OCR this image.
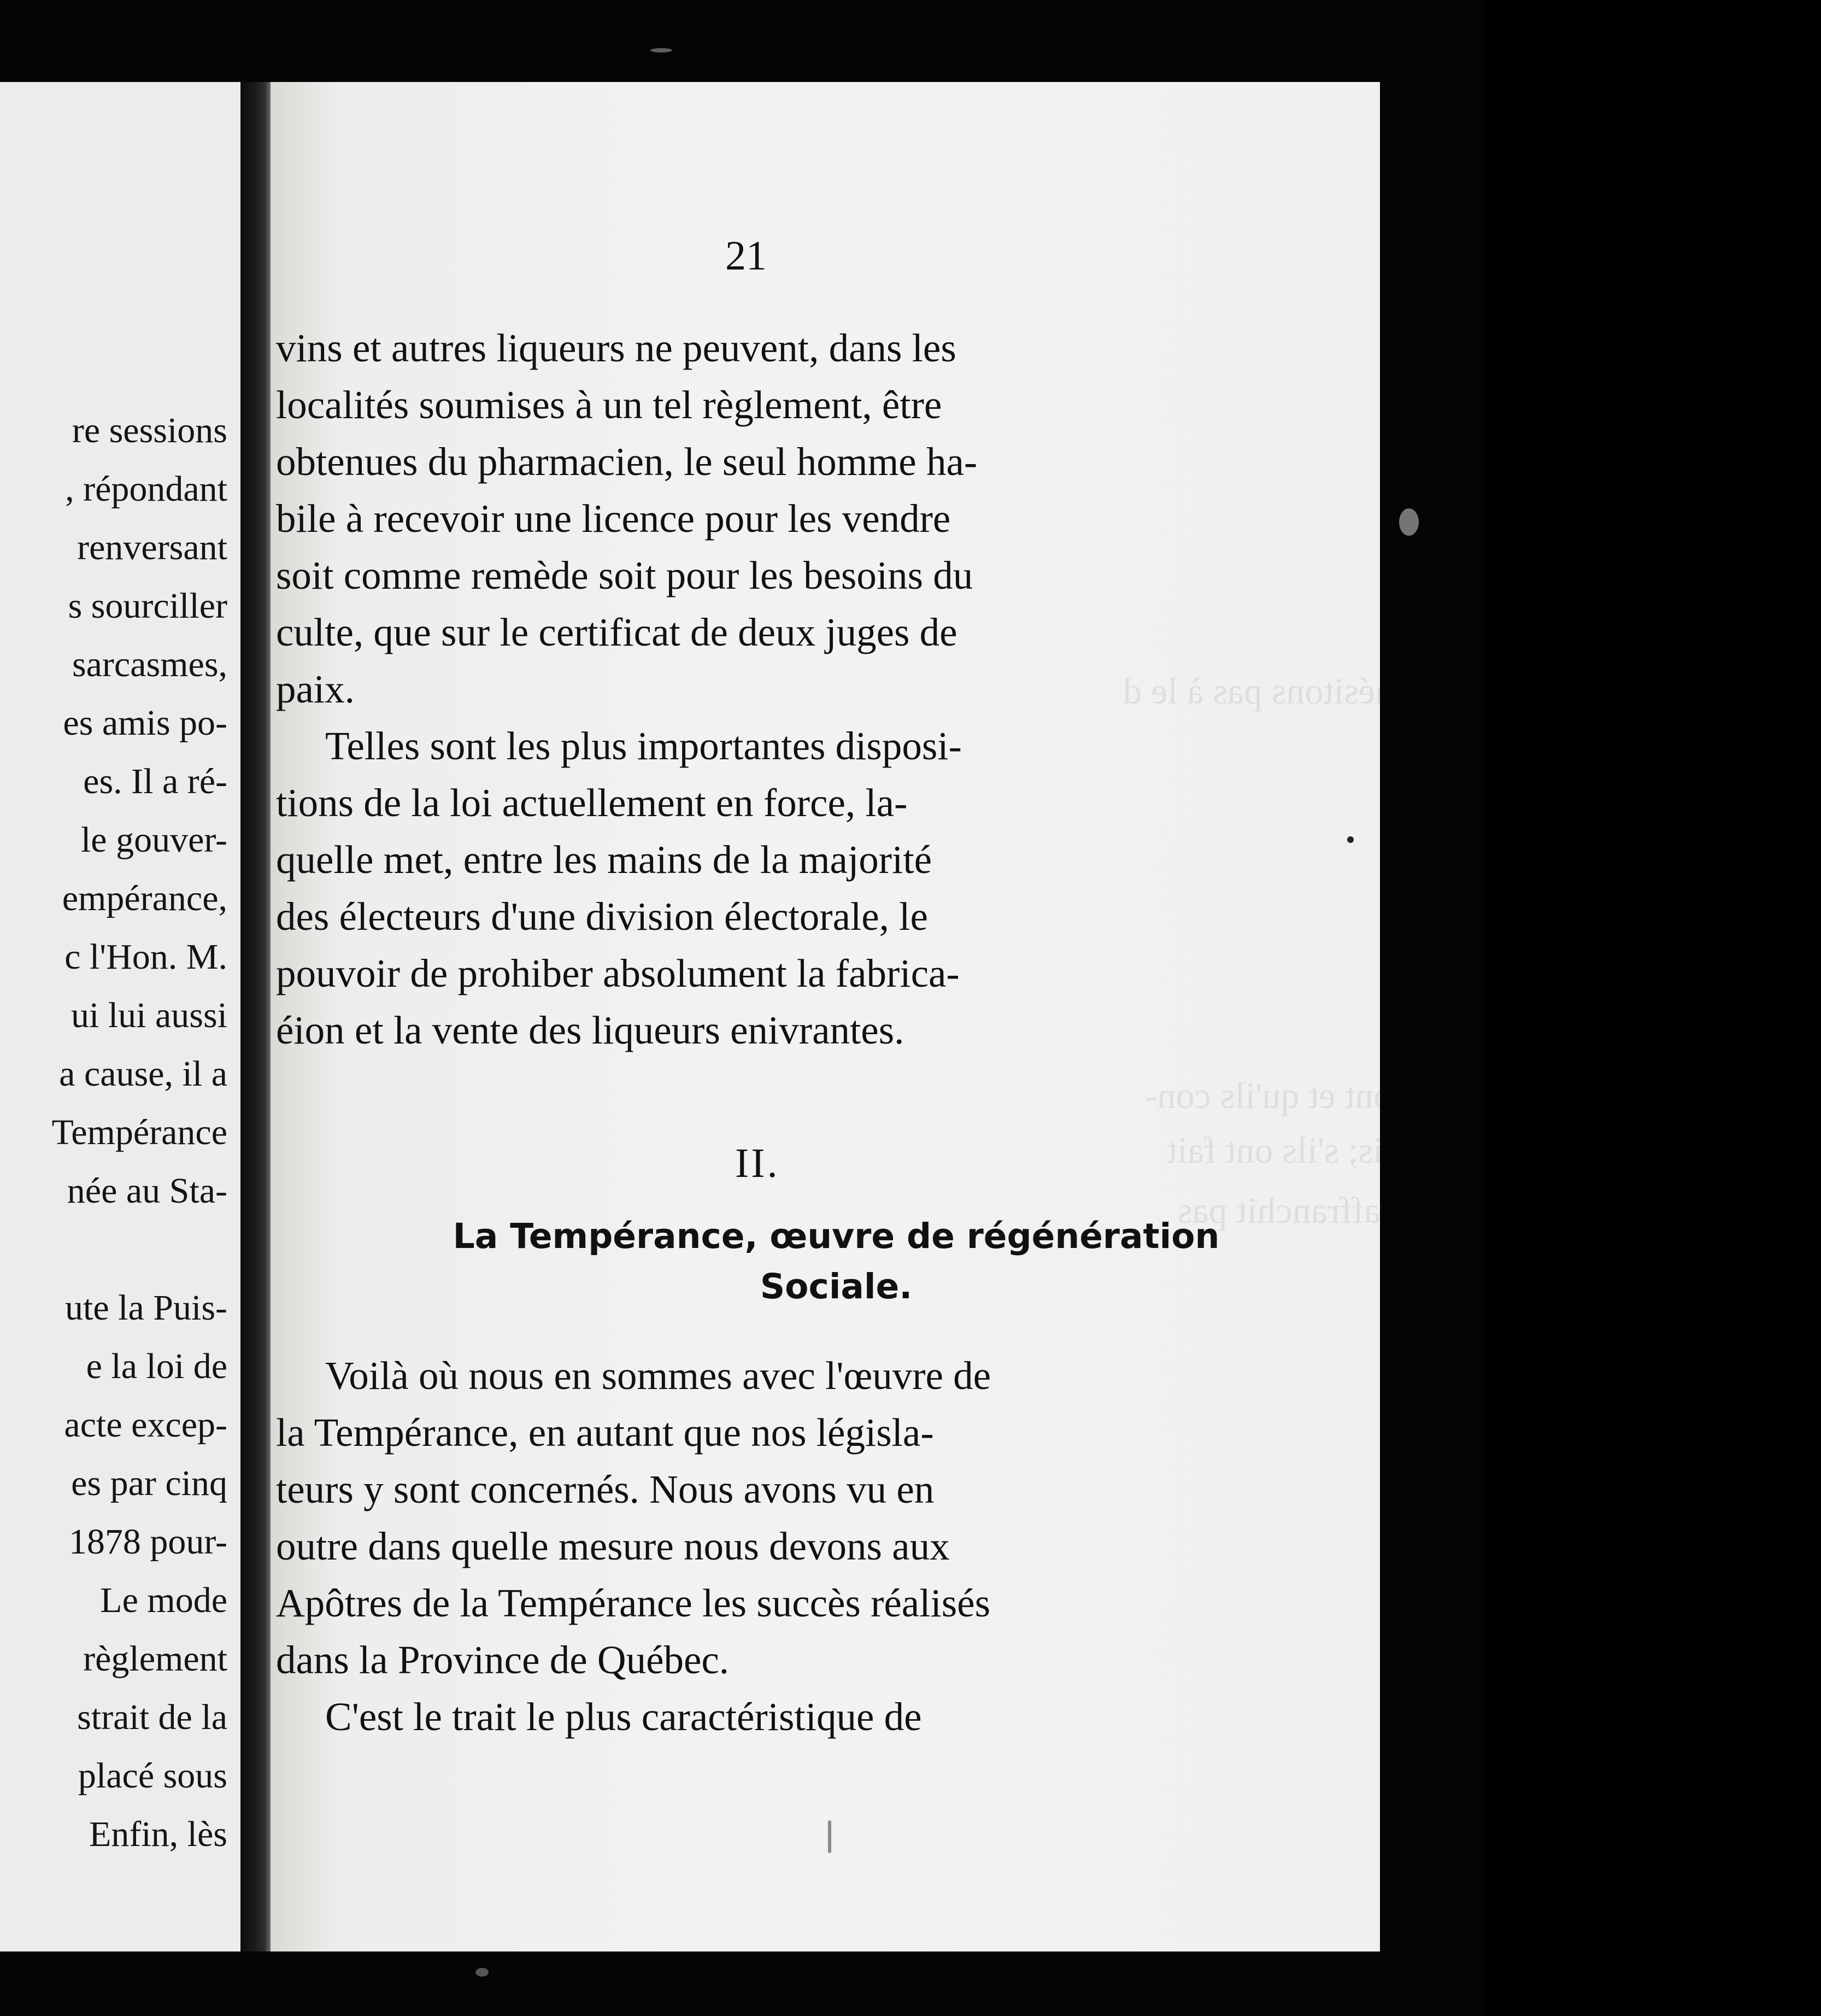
re sessions
, répondant
renversant
s sourciller
sarcasmes,
es amis po-
es. Il a ré-
le gouver-
empérance,
c l'Hon. M.
ui lui aussi
a cause, il a
Tempérance
née au Sta-
ute la Puis-
e la loi de
acte excep-
es par cinq
1878 pour-
Le mode
règlement
strait de la
placé sous
Enfin, lès
Province. Nous n'hésitons pas à le d
garantie qu'ils la continueront et qu'ils con-
serveront le terrain conquis; s'ils ont fait
leur devoir, en un mot, cela n'affranchit pas
21
vins et autres liqueurs ne peuvent, dans les
localités soumises à un tel règlement, être
obtenues du pharmacien, le seul homme ha-
bile à recevoir une licence pour les vendre
soit comme remède soit pour les besoins du
culte, que sur le certificat de deux juges de
paix.
Telles sont les plus importantes disposi-
tions de la loi actuellement en force, la-
quelle met, entre les mains de la majorité
des électeurs d'une division électorale, le
pouvoir de prohiber absolument la fabrica-
éion et la vente des liqueurs enivrantes.
II.
La Tempérance, œuvre de régénération
Sociale.
Voilà où nous en sommes avec l'œuvre de
la Tempérance, en autant que nos législa-
teurs y sont concernés. Nous avons vu en
outre dans quelle mesure nous devons aux
Apôtres de la Tempérance les succès réalisés
dans la Province de Québec.
C'est le trait le plus caractéristique de
